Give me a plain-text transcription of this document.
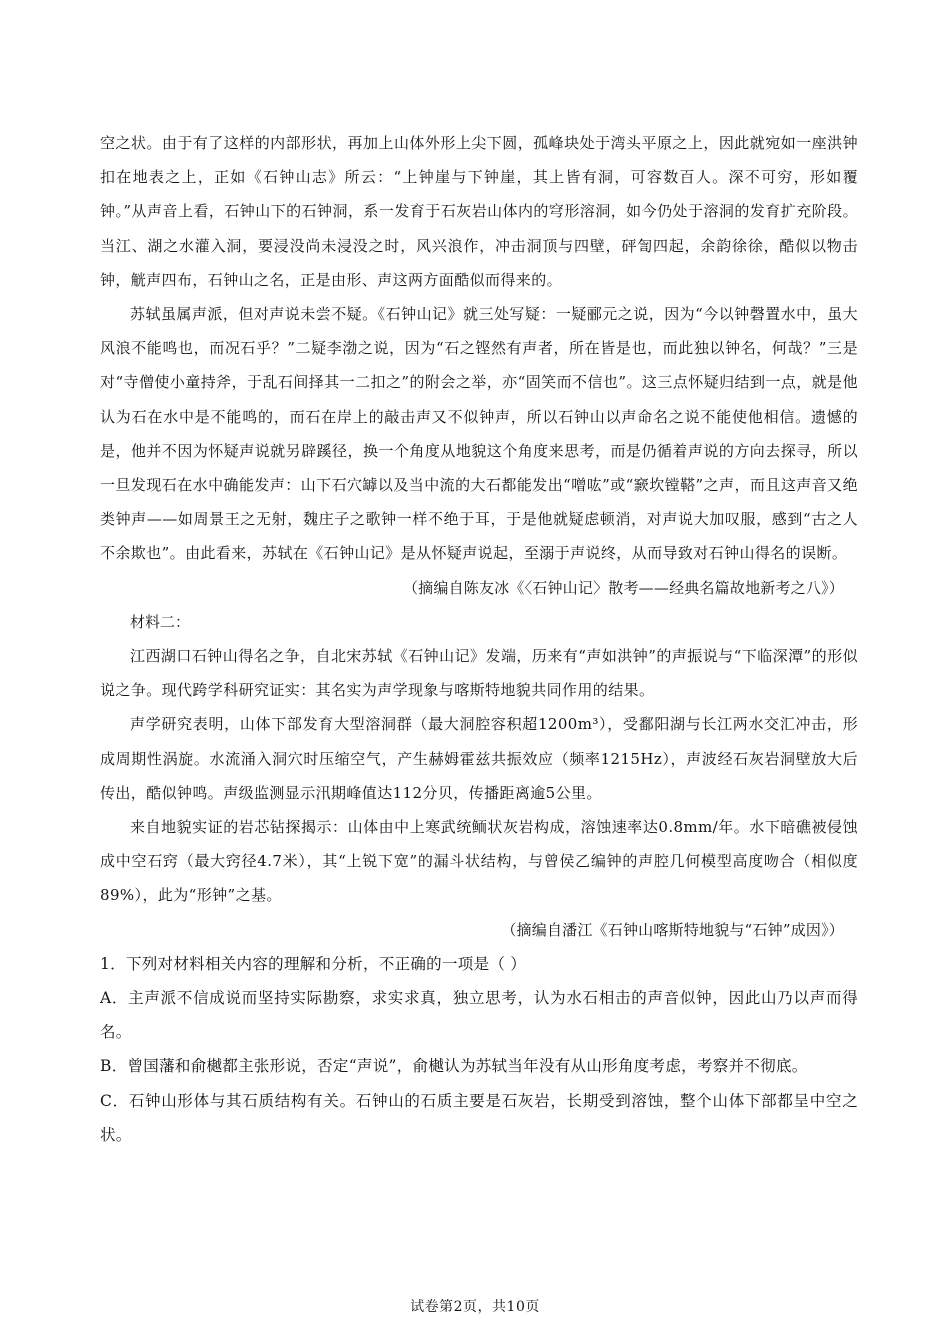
空之状。由于有了这样的内部形状，再加上山体外形上尖下圆，孤峰块处于湾头平原之上，因此就宛如一座洪钟扣在地表之上，正如《石钟山志》所云：“上钟崖与下钟崖，其上皆有洞，可容数百人。深不可穷，形如覆钟。”从声音上看，石钟山下的石钟洞，系一发育于石灰岩山体内的穹形溶洞，如今仍处于溶洞的发育扩充阶段。当江、湖之水灌入洞，要浸没尚未浸没之时，风兴浪作，冲击洞顶与四壁，砰訇四起，余韵徐徐，酷似以物击钟，觥声四布，石钟山之名，正是由形、声这两方面酷似而得来的。

苏轼虽属声派，但对声说未尝不疑。《石钟山记》就三处写疑：一疑郦元之说，因为“今以钟磬置水中，虽大风浪不能鸣也，而况石乎？”二疑李渤之说，因为“石之铿然有声者，所在皆是也，而此独以钟名，何哉？”三是对“寺僧使小童持斧，于乱石间择其一二扣之”的附会之举，亦“固笑而不信也”。这三点怀疑归结到一点，就是他认为石在水中是不能鸣的，而石在岸上的敲击声又不似钟声，所以石钟山以声命名之说不能使他相信。遗憾的是，他并不因为怀疑声说就另辟蹊径，换一个角度从地貌这个角度来思考，而是仍循着声说的方向去探寻，所以一旦发现石在水中确能发声：山下石穴罅以及当中流的大石都能发出“噌吰”或“窾坎镗鞳”之声，而且这声音又绝类钟声——如周景王之无射，魏庄子之歌钟一样不绝于耳，于是他就疑虑顿消，对声说大加叹服，感到“古之人不余欺也”。由此看来，苏轼在《石钟山记》是从怀疑声说起，至溺于声说终，从而导致对石钟山得名的误断。

（摘编自陈友冰《〈石钟山记〉散考——经典名篇故地新考之八》）

材料二：

江西湖口石钟山得名之争，自北宋苏轼《石钟山记》发端，历来有“声如洪钟”的声振说与“下临深潭”的形似说之争。现代跨学科研究证实：其名实为声学现象与喀斯特地貌共同作用的结果。

声学研究表明，山体下部发育大型溶洞群（最大洞腔容积超1200m³），受鄱阳湖与长江两水交汇冲击，形成周期性涡旋。水流涌入洞穴时压缩空气，产生赫姆霍兹共振效应（频率1215Hz），声波经石灰岩洞壁放大后传出，酷似钟鸣。声级监测显示汛期峰值达112分贝，传播距离逾5公里。

来自地貌实证的岩芯钻探揭示：山体由中上寒武统鲕状灰岩构成，溶蚀速率达0.8mm/年。水下暗礁被侵蚀成中空石窍（最大窍径4.7米），其“上锐下宽”的漏斗状结构，与曾侯乙编钟的声腔几何模型高度吻合（相似度89%），此为“形钟”之基。

（摘编自潘江《石钟山喀斯特地貌与“石钟”成因》）

1．下列对材料相关内容的理解和分析，不正确的一项是（ ）

A．主声派不信成说而坚持实际勘察，求实求真，独立思考，认为水石相击的声音似钟，因此山乃以声而得名。

B．曾国藩和俞樾都主张形说，否定“声说”，俞樾认为苏轼当年没有从山形角度考虑，考察并不彻底。

C．石钟山形体与其石质结构有关。石钟山的石质主要是石灰岩，长期受到溶蚀，整个山体下部都呈中空之状。

试卷第2页，共10页
